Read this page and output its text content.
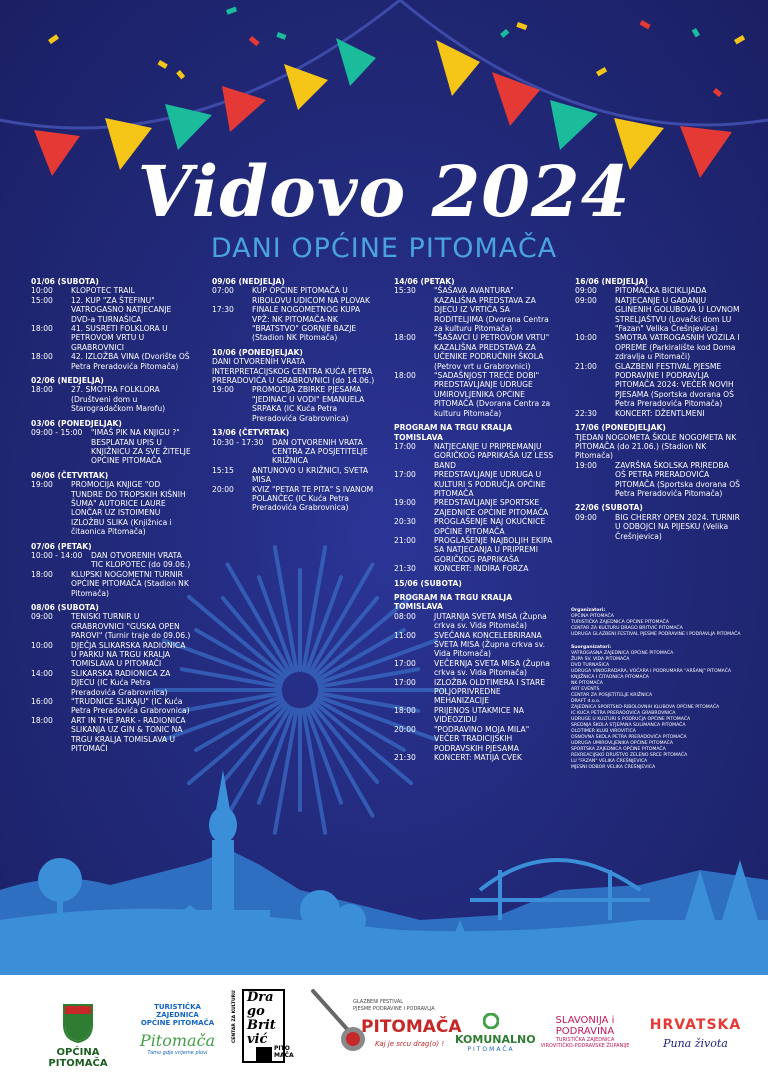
Vidovo 2024
DANI OPĆINE PITOMAČA
01/06 (SUBOTA)
10:00	KLOPOTEC TRAIL
15:00	12. KUP "ZA ŠTEFINU" VATROGASNO NATJECANJE DVD-a TURNAŠICA
18:00	41. SUSRETI FOLKLORA U PETROVOM VRTU U GRABROVNICI
18:00	42. IZLOŽBA VINA (Dvorište OŠ Petra Preradovića Pitomača)
02/06 (NEDJELJA)
18:00	27. SMOTRA FOLKLORA (Društveni dom u Starogradačkom Marofu)
03/06 (PONEDJELJAK)
09:00 - 15:00	"IMAŠ PIK NA KNJIGU ?" BESPLATAN UPIS U KNJIŽNICU ZA SVE ŽITELJE OPĆINE PITOMAČA
06/06 (ČETVRTAK)
19:00	PROMOCIJA KNJIGE "OD TUNDRE DO TROPSKIH KIŠNIH ŠUMA" AUTORICE LAURE LONČAR UZ ISTOIMENU IZLOŽBU SLIKA (Knjižnica i čitaonica Pitomača)
07/06 (PETAK)
10:00 - 14:00	DAN OTVORENIH VRATA TIC KLOPOTEC (do 09.06.)
18:00	KLUPSKI NOGOMETNI TURNIR OPĆINE PITOMAČA (Stadion NK Pitomača)
08/06 (SUBOTA)
09:00	TENISKI TURNIR U GRABROVNICI "GUSKA OPEN PAROVI" (Turnir traje do 09.06.)
10:00	DJEČJA SLIKARSKA RADIONICA U PARKU NA TRGU KRALJA TOMISLAVA U PITOMAČI
14:00	SLIKARSKA RADIONICA ZA DJECU (IC Kuća Petra Preradovića Grabrovnica)
16:00	"TRUDNICE SLIKAJU" (IC Kuća Petra Preradovića Grabrovnica)
18:00	ART IN THE PARK - RADIONICA SLIKANJA UZ GIN & TONIC NA TRGU KRALJA TOMISLAVA U PITOMAČI
09/06 (NEDJELJA)
07:00	KUP OPĆINE PITOMAČA U RIBOLOVU UDICOM NA PLOVAK
17:30	FINALE NOGOMETNOG KUPA VPŽ: NK PITOMAČA-NK "BRATSTVO" GORNJE BAZJE (Stadion NK Pitomača)
10/06 (PONEDJELJAK)
DANI OTVORENIH VRATA INTERPRETACIJSKOG CENTRA KUĆA PETRA PRERADOVIĆA U GRABROVNICI (do 14.06.)
19:00	PROMOCIJA ZBIRKE PJESAMA "JEDINAC U VODI" EMANUELA SRPAKA (IC Kuća Petra Preradovića Grabrovnica)
13/06 (ČETVRTAK)
10:30 - 17:30	DAN OTVORENIH VRATA CENTRA ZA POSJETITELJE KRIŽNICA
15:15	ANTUNOVO U KRIŽNICI, SVETA MISA
20:00	KVIZ "PETAR TE PITA" S IVANOM POLANČEC (IC Kuća Petra Preradovića Grabrovnica)
14/06 (PETAK)
15:30	"ŠAŠAVA AVANTURA" KAZALIŠNA PREDSTAVA ZA DJECU IZ VRTIĆA SA RODITELJIMA (Dvorana Centra za kulturu Pitomača)
18:00	"ŠAŠAVCI U PETROVOM VRTU" KAZALIŠNA PREDSTAVA ZA UČENIKE PODRUČNIH ŠKOLA (Petrov vrt u Grabrovnici)
18:00	"SADAŠNJOST TREĆE DOBI" PREDSTAVLJANJE UDRUGE UMIROVLJENIKA OPĆINE PITOMAČA (Dvorana Centra za kulturu Pitomača)
PROGRAM NA TRGU KRALJA TOMISLAVA
17:00	NATJECANJE U PRIPREMANJU GORIČKOG PAPRIKAŠA UZ LESS BAND
17:00	PREDSTAVLJANJE UDRUGA U KULTURI S PODRUČJA OPĆINE PITOMAČA
19:00	PREDSTAVLJANJE SPORTSKE ZAJEDNICE OPĆINE PITOMAČA
20:30	PROGLAŠENJE NAJ OKUĆNICE OPĆINE PITOMAČA
21:00	PROGLAŠENJE NAJBOLJIH EKIPA SA NATJECANJA U PRIPREMI GORIČKOG PAPRIKAŠA
21:30	KONCERT: INDIRA FORZA
15/06 (SUBOTA)
PROGRAM NA TRGU KRALJA TOMISLAVA
08:00	JUTARNJA SVETA MISA (Župna crkva sv. Vida Pitomača)
11:00	SVEČANA KONCELEBRIRANA SVETA MISA (Župna crkva sv. Vida Pitomača)
17:00	VEČERNJA SVETA MISA (Župna crkva sv. Vida Pitomača)
17:00	IZLOŽBA OLDTIMERA I STARE POLJOPRIVREDNE MEHANIZACIJE
18:00	PRIJENOS UTAKMICE NA VIDEOZIDU
20:00	"PODRAVINO MOJA MILA" VEČER TRADICIJSKIH PODRAVSKIH PJESAMA
21:30	KONCERT: MATIJA CVEK
16/06 (NEDJELJA)
09:00	PITOMAČKA BICIKLIJADA
09:00	NATJECANJE U GAĐANJU GLINENIH GOLUBOVA U LOVNOM STRELJAŠTVU (Lovački dom LU "Fazan" Velika Črešnjevica)
10:00	SMOTRA VATROGASNIH VOZILA I OPREME (Parkiralište kod Doma zdravlja u Pitomači)
21:00	GLAZBENI FESTIVAL PJESME PODRAVINE I PODRAVLJA PITOMAČA 2024: VEČER NOVIH PJESAMA (Sportska dvorana OŠ Petra Preradovića Pitomača)
22:30	KONCERT: DŽENTLMENI
17/06 (PONEDJELJAK)
TJEDAN NOGOMETA ŠKOLE NOGOMETA NK PITOMAČA (do 21.06.) (Stadion NK Pitomača)
19:00	ZAVRŠNA ŠKOLSKA PRIREDBA OŠ PETRA PRERADOVIĆA PITOMAČA (Sportska dvorana OŠ Petra Preradovića Pitomača)
22/06 (SUBOTA)
09:00	BIG CHERRY OPEN 2024. TURNIR U ODBOJCI NA PIJESKU (Velika Črešnjevica)
Organizatori:
OPĆINA PITOMAČA
TURISTIČKA ZAJEDNICA OPĆINE PITOMAČA
CENTAR ZA KULTURU DRAGO BRITVIĆ PITOMAČA
UDRUGA GLAZBENI FESTIVAL PJESME PODRAVINE I PODRAVLJA PITOMAČA
Suorganizatori:
VATROGASNA ZAJEDNICA OPĆINE PITOMAČA
ŽUPA SV. VIDA PITOMAČA
DVD TURNAŠICA
UDRUGA VINOGRADARA, VOĆARA I PODRUMARA "ARŠANJ" PITOMAČA
KNJIŽNICA I ČITAONICA PITOMAČA
NK PITOMAČA
ART EVENTS
CENTAR ZA POSJETITELJE KRIŽNICA
DRAFT d.o.o.
ZAJEDNICA SPORTSKO-RIBOLOVNIH KLUBOVA OPĆINE PITOMAČA
IC KUĆA PETRA PRERADOVIĆA GRABROVNICA
UDRUGE U KULTURI S PODRUČJA OPĆINE PITOMAČA
SREDNJA ŠKOLA STJEPANA SULIMANCA PITOMAČA
OLDTIMER KLUB VIROVITICA
OSNOVNA ŠKOLA PETRA PRERADOVIĆA PITOMAČA
UDRUGA UMIROVLJENIKA OPĆINE PITOMAČA
SPORTSKA ZAJEDNICA OPĆINE PITOMAČA
REKREACIJSKO DRUŠTVO ZELENO SRCE PITOMAČA
LU "FAZAN" VELIKA ČREŠNJEVICA
MJESNI ODBOR VELIKA ČREŠNJEVICA
OPĆINA PITOMAČA
TURISTIČKA ZAJEDNICA
OPĆINE PITOMAČA
Pitomača
Tamo gdje vrijeme plovi
CENTAR ZA KULTURU Dra
go
Brit
vić
PITO
MAČA
GLAZBENI FESTIVAL
PJESME PODRAVINE I PODRAVLJA
PITOMAČA
Kaj je srcu drag(o) ! KOMUNALNO
PITOMAČA
SLAVONIJA i
PODRAVINA
TURISTIČKA ZAJEDNICA
VIROVITIČKO-PODRAVSKE ŽUPANIJE
HRVATSKA
Puna života
